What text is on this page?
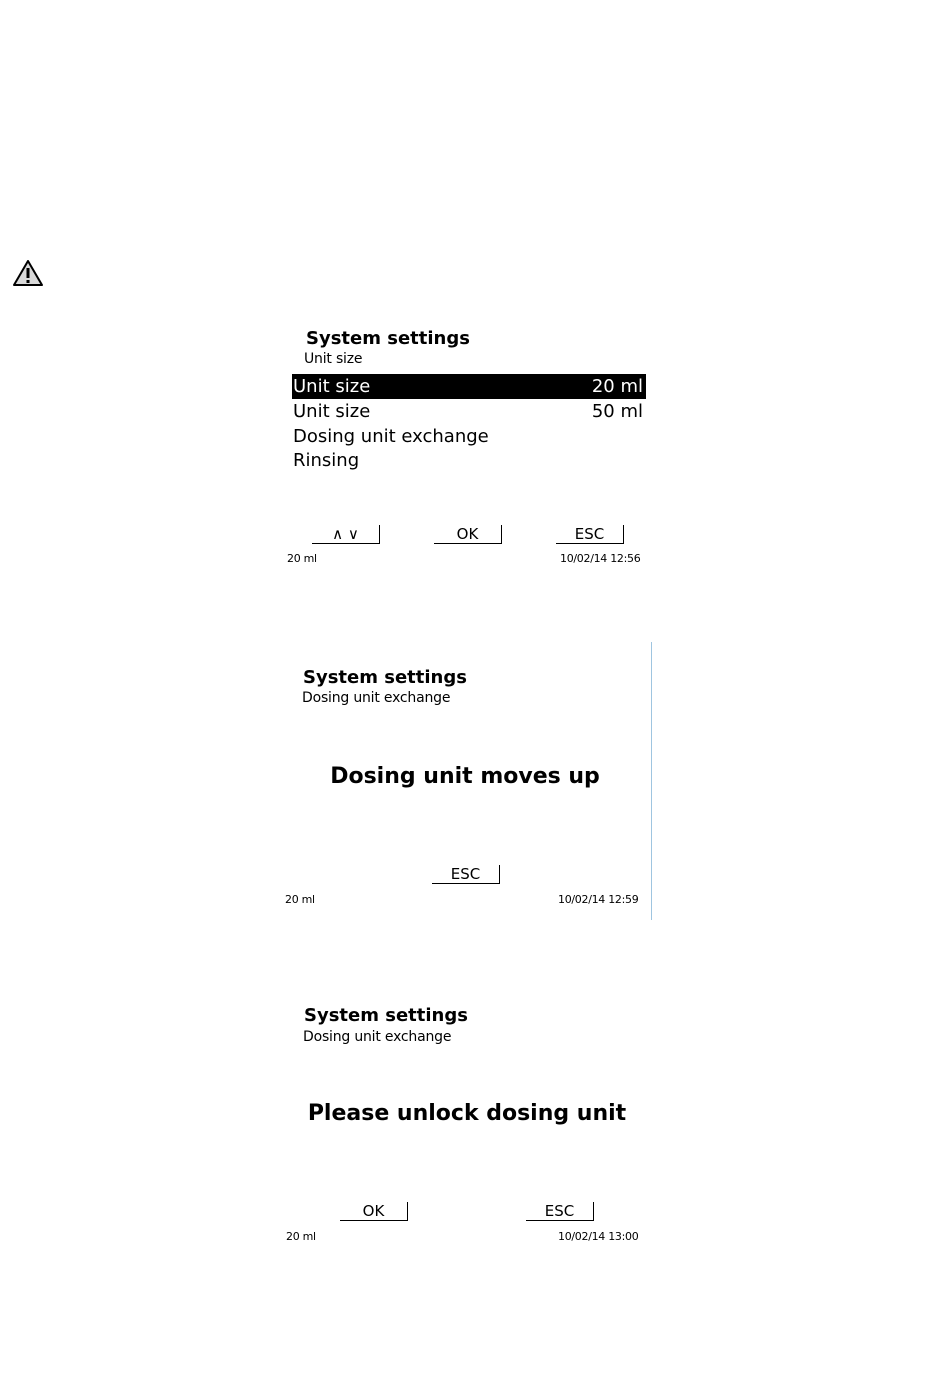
System settings
Unit size
Unit size	20 ml
Unit size	50 ml
Dosing unit exchange
Rinsing
∧ ∨	OK	ESC
20 ml	10/02/14 12:56
System settings
Dosing unit exchange
Dosing unit moves up
ESC
20 ml	10/02/14 12:59
System settings
Dosing unit exchange
Please unlock dosing unit
OK	ESC
20 ml	10/02/14 13:00
